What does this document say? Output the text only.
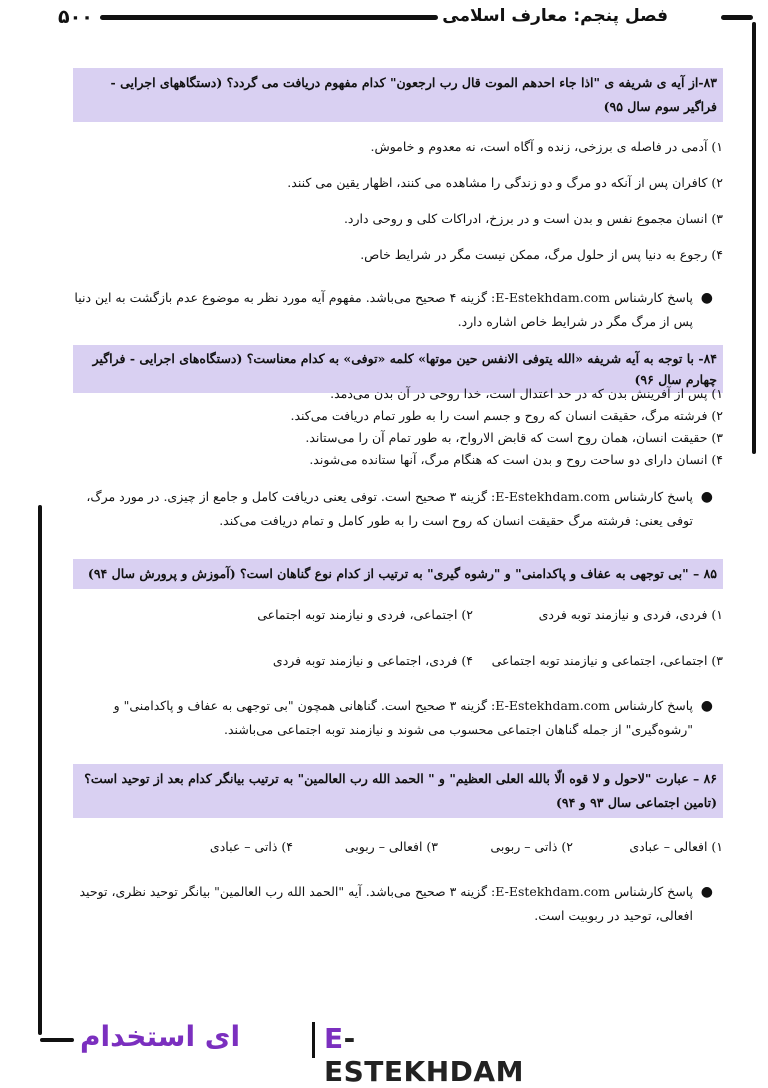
۵۰۰	فصل پنجم: معارف اسلامی
۸۳-از آیه ی شریفه ی "اذا جاء احدهم الموت قال رب ارجعون" کدام مفهوم دریافت می گردد؟ (دستگاههای اجرایی - فراگیر سوم سال ۹۵)
۱) آدمی در فاصله ی برزخی، زنده و آگاه است، نه معدوم و خاموش.
۲) کافران پس از آنکه دو مرگ و دو زندگی را مشاهده می کنند، اظهار یقین می کنند.
۳) انسان مجموع نفس و بدن است و در برزخ، ادراکات کلی و روحی دارد.
۴) رجوع به دنیا پس از حلول مرگ، ممکن نیست مگر در شرایط خاص.
●
پاسخ کارشناس E-Estekhdam.com: گزینه ۴ صحیح می‌باشد. مفهوم آیه مورد نظر به موضوع عدم بازگشت به این دنیا پس از مرگ مگر در شرایط خاص اشاره دارد.
۸۴- با توجه به آیه شریفه «الله یتوفی الانفس حین موتها» کلمه «توفی» به کدام معناست؟ (دستگاه‌های اجرایی - فراگیر چهارم سال ۹۶)
۱) پس از آفرینش بدن که در حد اعتدال است، خدا روحی در آن بدن می‌دمد.
۲) فرشته مرگ، حقیقت انسان که روح و جسم است را به طور تمام دریافت می‌کند.
۳) حقیقت انسان، همان روح است که قابض الارواح، به طور تمام آن را می‌ستاند.
۴) انسان دارای دو ساحت روح و بدن است که هنگام مرگ، آنها ستانده می‌شوند.
●
پاسخ کارشناس E-Estekhdam.com: گزینه ۳ صحیح است. توفی یعنی دریافت کامل و جامع از چیزی. در مورد مرگ، توفی یعنی: فرشته مرگ حقیقت انسان که روح است را به طور کامل و تمام دریافت می‌کند.
۸۵ – "بی توجهی به عفاف و پاکدامنی" و "رشوه گیری" به ترتیب از کدام نوع گناهان است؟ (آموزش و پرورش سال ۹۴)
۱) فردی، فردی و نیازمند توبه فردی
۲) اجتماعی، فردی و نیازمند توبه اجتماعی
۳) اجتماعی، اجتماعی و نیازمند توبه اجتماعی
۴) فردی، اجتماعی و نیازمند توبه فردی
●
پاسخ کارشناس E-Estekhdam.com: گزینه ۳ صحیح است. گناهانی همچون "بی توجهی به عفاف و پاکدامنی" و "رشوه‌گیری" از جمله گناهان اجتماعی محسوب می شوند و نیازمند توبه اجتماعی می‌باشند.
۸۶ – عبارت "لاحول و لا قوه الّا بالله العلی العظیم" و " الحمد الله رب العالمین" به ترتیب بیانگر کدام بعد از توحید است؟ (تامین اجتماعی سال ۹۳ و ۹۴)
۱) افعالی – عبادی
۲) ذاتی – ربوبی
۳) افعالی – ربوبی
۴) ذاتی – عبادی
●
پاسخ کارشناس E-Estekhdam.com: گزینه ۳ صحیح می‌باشد. آیه "الحمد الله رب العالمین" بیانگر توحید نظری، توحید افعالی، توحید در ربوبیت است.
ای استخدام	E-ESTEKHDAM
